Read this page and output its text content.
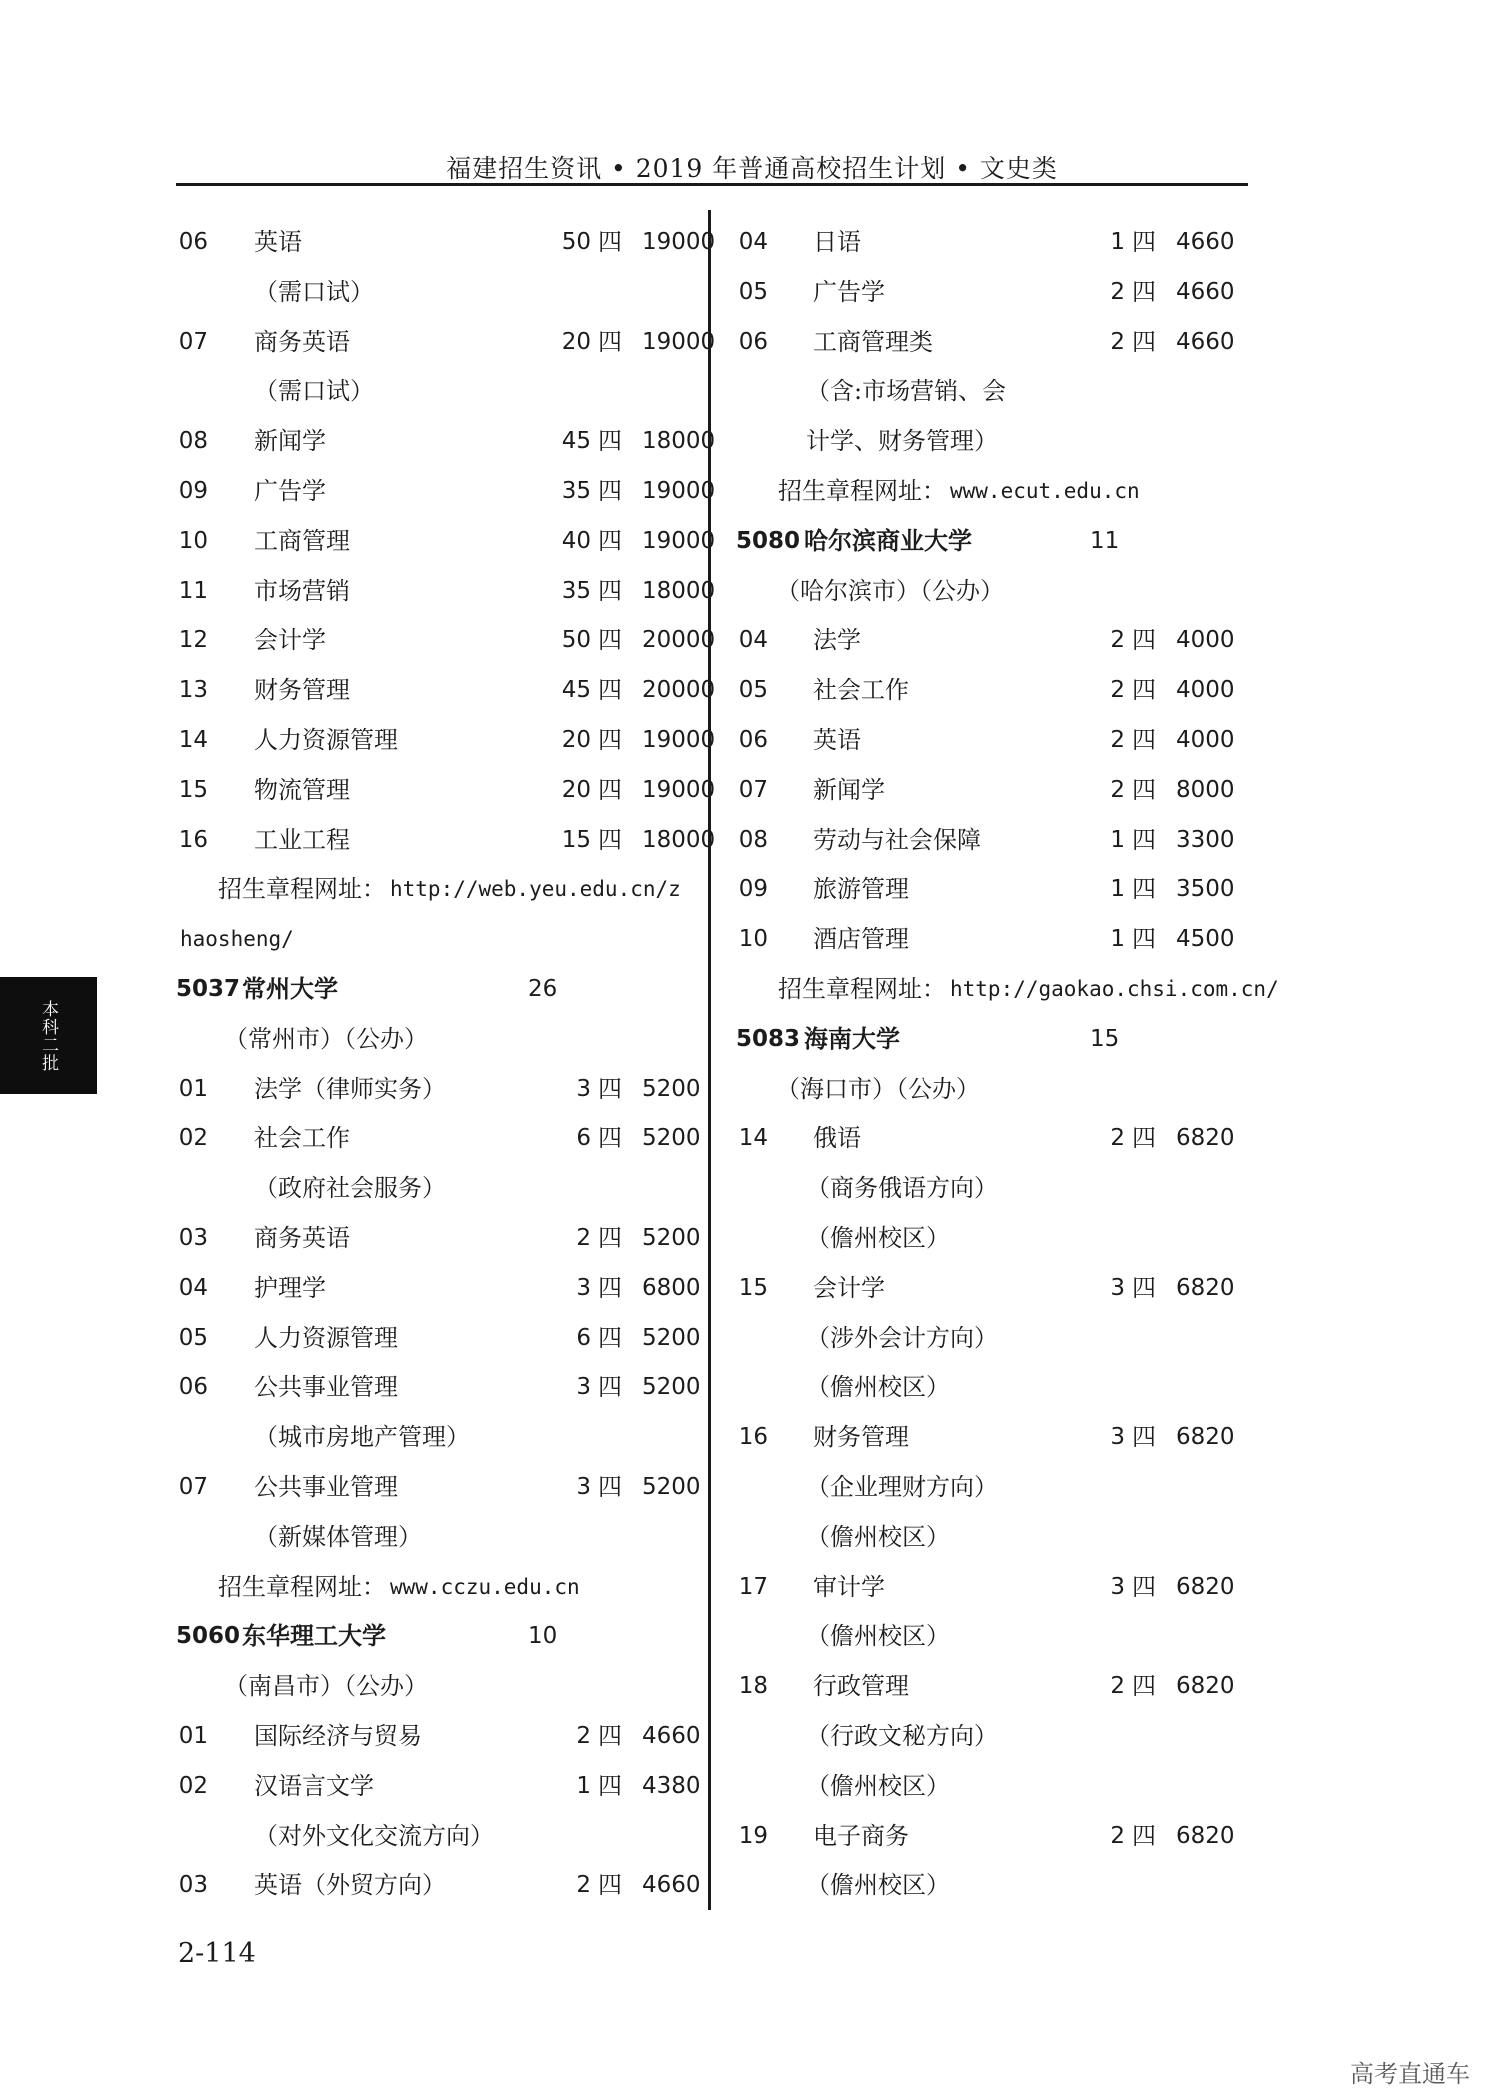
福建招生资讯 • 2019 年普通高校招生计划 • 文史类
06 英语	50 四 19000
（需口试）
07 商务英语	20 四 19000
（需口试）
08 新闻学	45 四 18000
09 广告学	35 四 19000
10 工商管理	40 四 19000
11 市场营销	35 四 18000
12 会计学	50 四 20000
13 财务管理	45 四 20000
14 人力资源管理	20 四 19000
15 物流管理	20 四 19000
16 工业工程	15 四 18000
招生章程网址： http://web.yeu.edu.cn/z
haosheng/
5037 常州大学	26
（常州市）（公办）
01 法学（律师实务）	3 四 5200
02 社会工作	6 四 5200
（政府社会服务）
03 商务英语	2 四 5200
04 护理学	3 四 6800
05 人力资源管理	6 四 5200
06 公共事业管理	3 四 5200
（城市房地产管理）
07 公共事业管理	3 四 5200
（新媒体管理）
招生章程网址： www.cczu.edu.cn
5060 东华理工大学	10
（南昌市）（公办）
01 国际经济与贸易	2 四 4660
02 汉语言文学	1 四 4380
（对外文化交流方向）
03 英语（外贸方向）	2 四 4660
04 日语	1 四 4660
05 广告学	2 四 4660
06 工商管理类	2 四 4660
（含:市场营销、会
计学、财务管理）
招生章程网址： www.ecut.edu.cn
5080 哈尔滨商业大学	11
（哈尔滨市）（公办）
04 法学	2 四 4000
05 社会工作	2 四 4000
06 英语	2 四 4000
07 新闻学	2 四 8000
08 劳动与社会保障	1 四 3300
09 旅游管理	1 四 3500
10 酒店管理	1 四 4500
招生章程网址： http://gaokao.chsi.com.cn/
5083 海南大学	15
（海口市）（公办）
14 俄语	2 四 6820
（商务俄语方向）
（儋州校区）
15 会计学	3 四 6820
（涉外会计方向）
（儋州校区）
16 财务管理	3 四 6820
（企业理财方向）
（儋州校区）
17 审计学	3 四 6820
（儋州校区）
18 行政管理	2 四 6820
（行政文秘方向）
（儋州校区）
19 电子商务	2 四 6820
（儋州校区）
本科二批
2-114
高考直通车
